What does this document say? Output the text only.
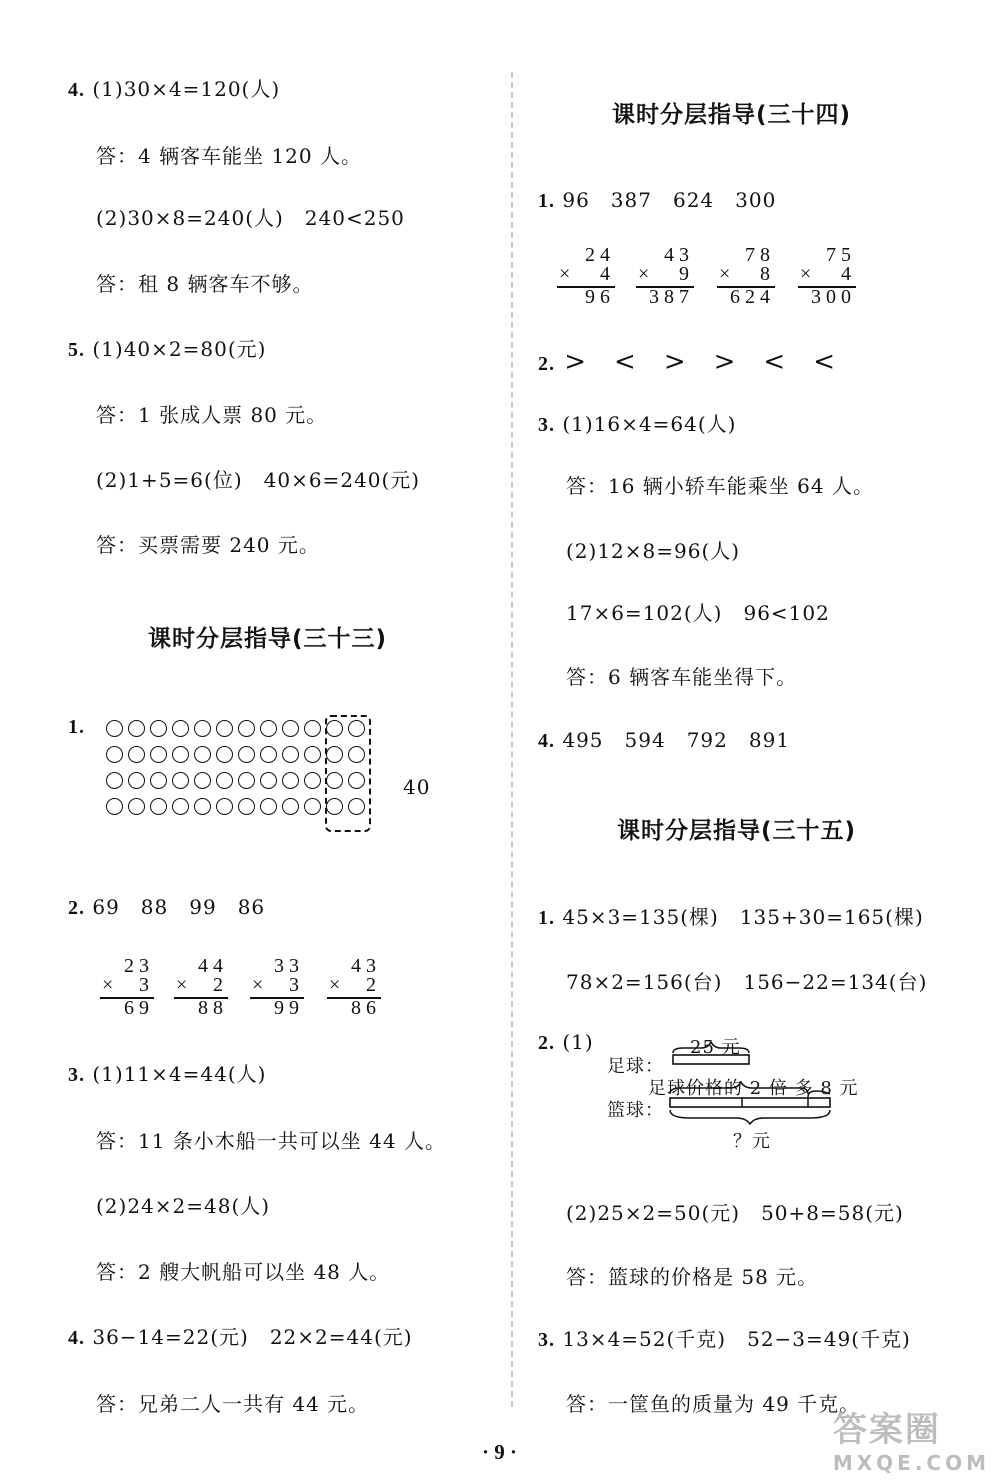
4. (1)30×4=120(人)
答：4 辆客车能坐 120 人。
(2)30×8=240(人)　240<250
答：租 8 辆客车不够。
5. (1)40×2=80(元)
答：1 张成人票 80 元。
(2)1+5=6(位)　40×6=240(元)
答：买票需要 240 元。
课时分层指导(三十三)
1.
40
2. 69　88　99　86
23
× 3
69
44
× 2
88
33
× 3
99
43
× 2
86
3. (1)11×4=44(人)
答：11 条小木船一共可以坐 44 人。
(2)24×2=48(人)
答：2 艘大帆船可以坐 48 人。
4. 36−14=22(元)　22×2=44(元)
答：兄弟二人一共有 44 元。
课时分层指导(三十四)
1. 96　387　624　300
24
× 4
96
43
× 9
387
78
× 8
624
75
× 4
300
2. >　<　>　>　<　<
3. (1)16×4=64(人)
答：16 辆小轿车能乘坐 64 人。
(2)12×8=96(人)
17×6=102(人)　96<102
答：6 辆客车能坐得下。
4. 495　594　792　891
课时分层指导(三十五)
1. 45×3=135(棵)　135+30=165(棵)
78×2=156(台)　156−22=134(台)
2. (1)	25 元
足球：
足球价格的 2 倍 多 8 元
篮球：
？元
(2)25×2=50(元)　50+8=58(元)
答：篮球的价格是 58 元。
3. 13×4=52(千克)　52−3=49(千克)
答：一筐鱼的质量为 49 千克。
· 9 ·
答案圈
MXQE.COM
